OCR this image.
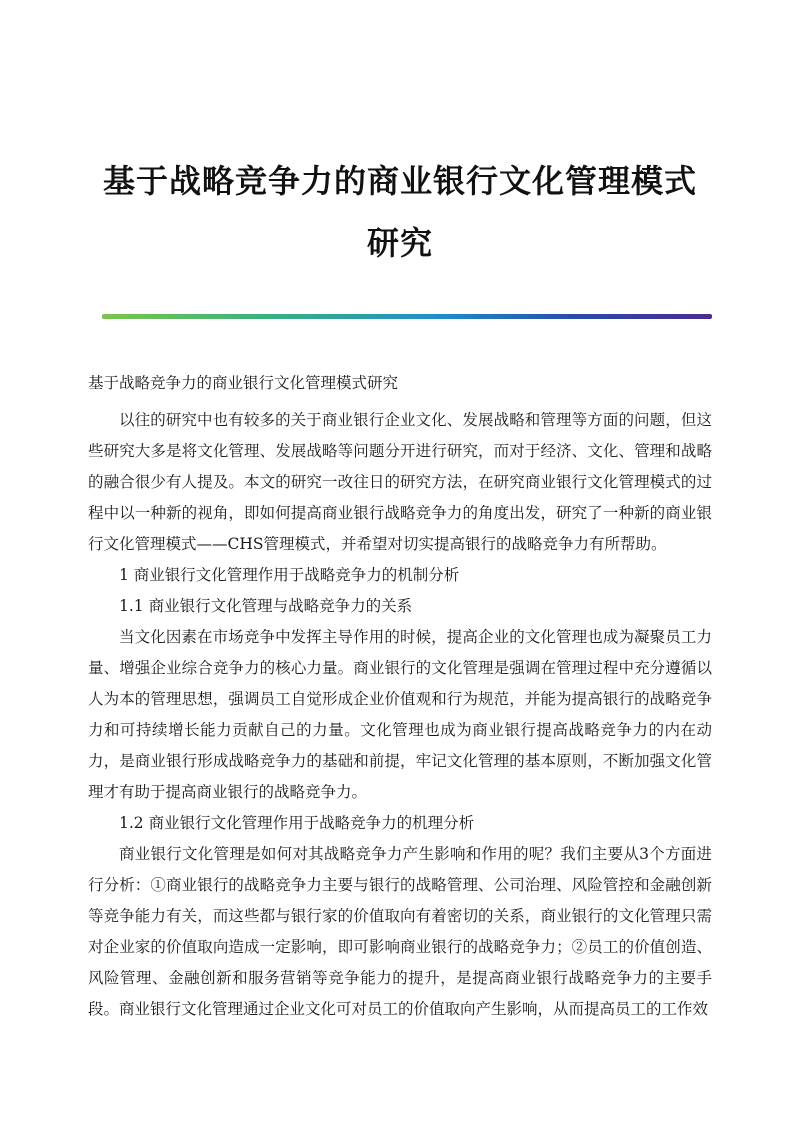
基于战略竞争力的商业银行文化管理模式研究

基于战略竞争力的商业银行文化管理模式研究

以往的研究中也有较多的关于商业银行企业文化、发展战略和管理等方面的问题，但这些研究大多是将文化管理、发展战略等问题分开进行研究，而对于经济、文化、管理和战略的融合很少有人提及。本文的研究一改往日的研究方法，在研究商业银行文化管理模式的过程中以一种新的视角，即如何提高商业银行战略竞争力的角度出发，研究了一种新的商业银行文化管理模式——CHS管理模式，并希望对切实提高银行的战略竞争力有所帮助。

1 商业银行文化管理作用于战略竞争力的机制分析

1.1 商业银行文化管理与战略竞争力的关系

当文化因素在市场竞争中发挥主导作用的时候，提高企业的文化管理也成为凝聚员工力量、增强企业综合竞争力的核心力量。商业银行的文化管理是强调在管理过程中充分遵循以人为本的管理思想，强调员工自觉形成企业价值观和行为规范，并能为提高银行的战略竞争力和可持续增长能力贡献自己的力量。文化管理也成为商业银行提高战略竞争力的内在动力，是商业银行形成战略竞争力的基础和前提，牢记文化管理的基本原则，不断加强文化管理才有助于提高商业银行的战略竞争力。

1.2 商业银行文化管理作用于战略竞争力的机理分析

商业银行文化管理是如何对其战略竞争力产生影响和作用的呢？我们主要从3个方面进行分析：①商业银行的战略竞争力主要与银行的战略管理、公司治理、风险管控和金融创新等竞争能力有关，而这些都与银行家的价值取向有着密切的关系，商业银行的文化管理只需对企业家的价值取向造成一定影响，即可影响商业银行的战略竞争力；②员工的价值创造、风险管理、金融创新和服务营销等竞争能力的提升，是提高商业银行战略竞争力的主要手段。商业银行文化管理通过企业文化可对员工的价值取向产生影响，从而提高员工的工作效
